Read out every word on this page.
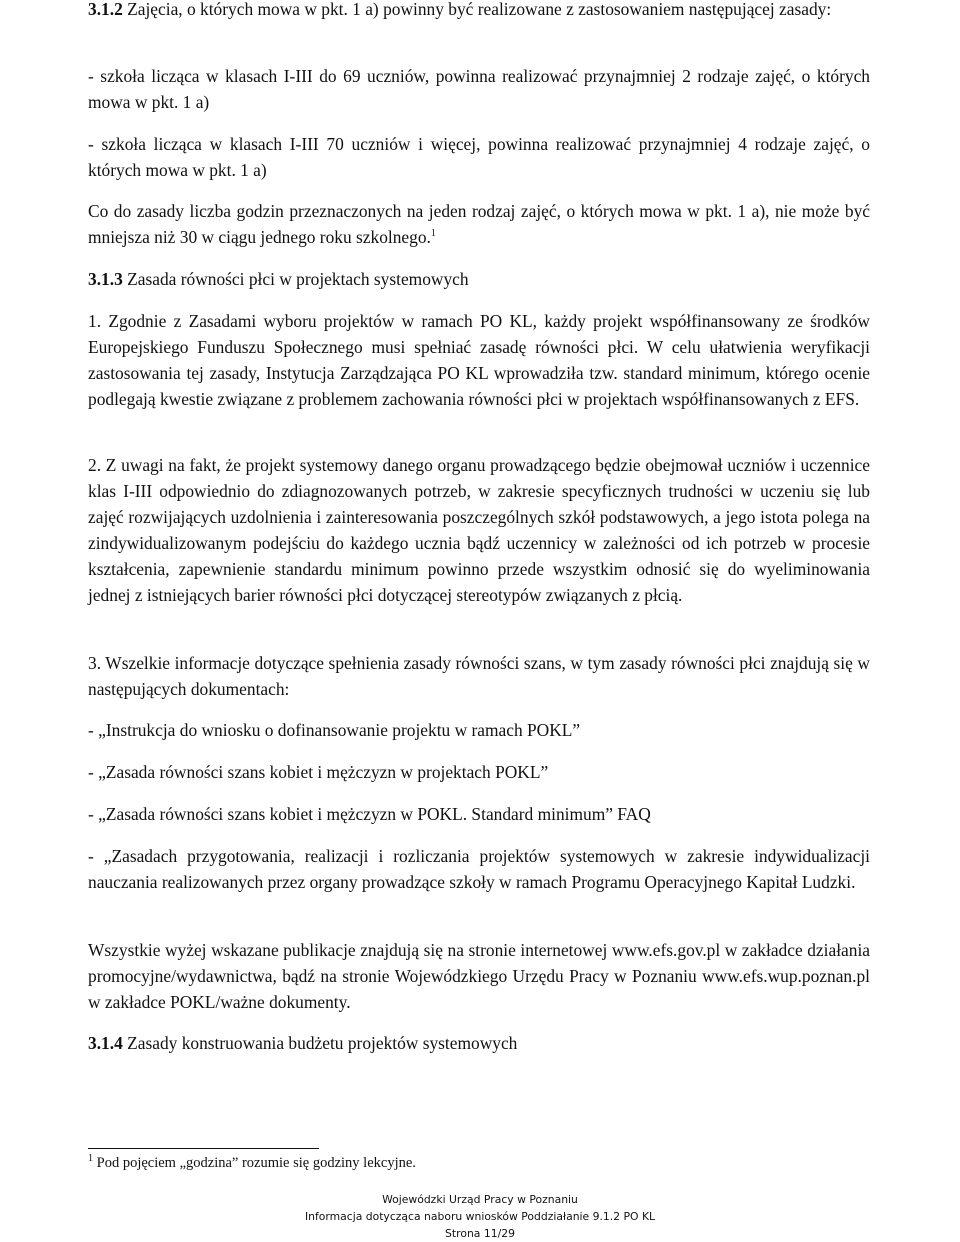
3.1.2 Zajęcia, o których mowa w pkt. 1 a) powinny być realizowane z zastosowaniem następującej zasady:

- szkoła licząca w klasach I-III do 69 uczniów, powinna realizować przynajmniej 2 rodzaje zajęć, o których mowa w pkt. 1 a)

- szkoła licząca w klasach I-III 70 uczniów i więcej, powinna realizować przynajmniej 4 rodzaje zajęć, o których mowa w pkt. 1 a)

Co do zasady liczba godzin przeznaczonych na jeden rodzaj zajęć, o których mowa w pkt. 1 a), nie może być mniejsza niż 30 w ciągu jednego roku szkolnego.$^1$

3.1.3 Zasada równości płci w projektach systemowych

1. Zgodnie z Zasadami wyboru projektów w ramach PO KL, każdy projekt współfinansowany ze środków Europejskiego Funduszu Społecznego musi spełniać zasadę równości płci. W celu ułatwienia weryfikacji zastosowania tej zasady, Instytucja Zarządzająca PO KL wprowadziła tzw. standard minimum, którego ocenie podlegają kwestie związane z problemem zachowania równości płci w projektach współfinansowanych z EFS.

2. Z uwagi na fakt, że projekt systemowy danego organu prowadzącego będzie obejmował uczniów i uczennice klas I-III odpowiednio do zdiagnozowanych potrzeb, w zakresie specyficznych trudności w uczeniu się lub zajęć rozwijających uzdolnienia i zainteresowania poszczególnych szkół podstawowych, a jego istota polega na zindywidualizowanym podejściu do każdego ucznia bądź uczennicy w zależności od ich potrzeb w procesie kształcenia, zapewnienie standardu minimum powinno przede wszystkim odnosić się do wyeliminowania jednej z istniejących barier równości płci dotyczącej stereotypów związanych z płcią.

3. Wszelkie informacje dotyczące spełnienia zasady równości szans, w tym zasady równości płci znajdują się w następujących dokumentach:

- „Instrukcja do wniosku o dofinansowanie projektu w ramach POKL”

- „Zasada równości szans kobiet i mężczyzn w projektach POKL”

- „Zasada równości szans kobiet i mężczyzn w POKL. Standard minimum” FAQ

- „Zasadach przygotowania, realizacji i rozliczania projektów systemowych w zakresie indywidualizacji nauczania realizowanych przez organy prowadzące szkoły w ramach Programu Operacyjnego Kapitał Ludzki.

Wszystkie wyżej wskazane publikacje znajdują się na stronie internetowej www.efs.gov.pl w zakładce działania promocyjne/wydawnictwa, bądź na stronie Wojewódzkiego Urzędu Pracy w Poznaniu www.efs.wup.poznan.pl w zakładce POKL/ważne dokumenty.

3.1.4 Zasady konstruowania budżetu projektów systemowych

$^1$ Pod pojęciem „godzina” rozumie się godziny lekcyjne.
Wojewódzki Urząd Pracy w Poznaniu
Informacja dotycząca naboru wniosków Poddziałanie 9.1.2 PO KL
Strona 11/29
